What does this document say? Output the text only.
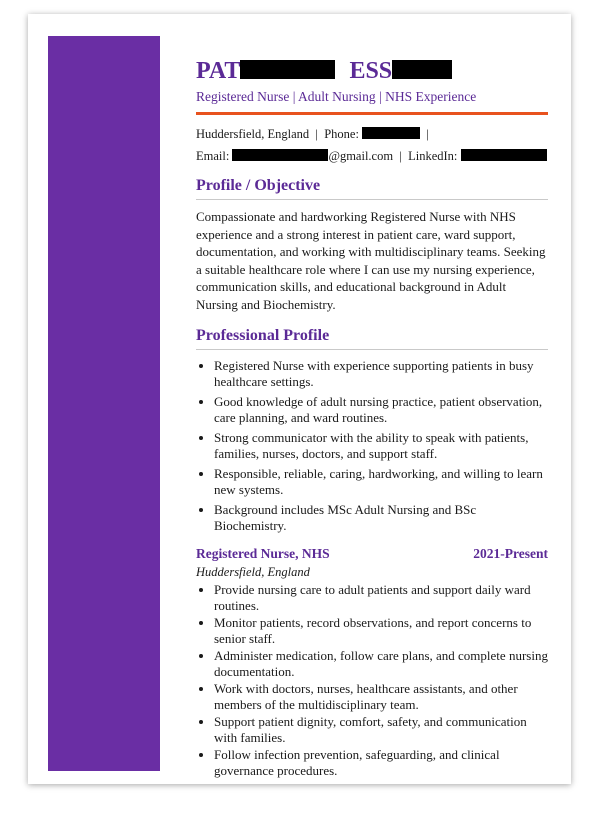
PAT	ESS
Registered Nurse | Adult Nursing | NHS Experience
Huddersfield, England | Phone:	|
Email:	@gmail.com | LinkedIn:
Profile / Objective

Compassionate and hardworking Registered Nurse with NHS experience and a strong interest in patient care, ward support, documentation, and working with multidisciplinary teams. Seeking a suitable healthcare role where I can use my nursing experience, communication skills, and educational background in Adult Nursing and Biochemistry.

Professional Profile
• Registered Nurse with experience supporting patients in busy healthcare settings.
• Good knowledge of adult nursing practice, patient observation, care planning, and ward routines.
• Strong communicator with the ability to speak with patients, families, nurses, doctors, and support staff.
• Responsible, reliable, caring, hardworking, and willing to learn new systems.
• Background includes MSc Adult Nursing and BSc Biochemistry.
Registered Nurse, NHS	2021-Present
Huddersfield, England
• Provide nursing care to adult patients and support daily ward routines.
• Monitor patients, record observations, and report concerns to senior staff.
• Administer medication, follow care plans, and complete nursing documentation.
• Work with doctors, nurses, healthcare assistants, and other members of the multidisciplinary team.
• Support patient dignity, comfort, safety, and communication with families.
• Follow infection prevention, safeguarding, and clinical governance procedures.
